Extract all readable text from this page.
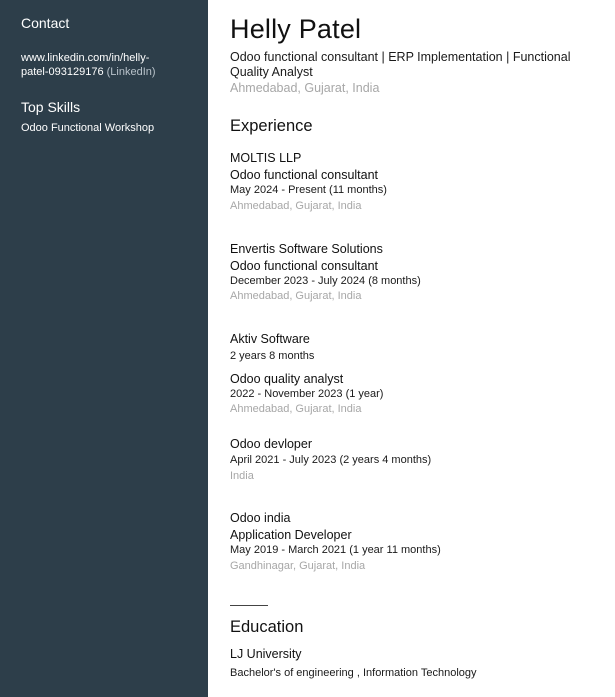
Contact
www.linkedin.com/in/helly-
patel-093129176 (LinkedIn)
Top Skills
Odoo Functional Workshop
Helly Patel
Odoo functional consultant | ERP Implementation | Functional
Quality Analyst
Ahmedabad, Gujarat, India
Experience
MOLTIS LLP
Odoo functional consultant
May 2024 - Present (11 months)
Ahmedabad, Gujarat, India
Envertis Software Solutions
Odoo functional consultant
December 2023 - July 2024 (8 months)
Ahmedabad, Gujarat, India
Aktiv Software
2 years 8 months
Odoo quality analyst
2022 - November 2023 (1 year)
Ahmedabad, Gujarat, India
Odoo devloper
April 2021 - July 2023 (2 years 4 months)
India
Odoo india
Application Developer
May 2019 - March 2021 (1 year 11 months)
Gandhinagar, Gujarat, India
Education
LJ University
Bachelor's of engineering , Information Technology
